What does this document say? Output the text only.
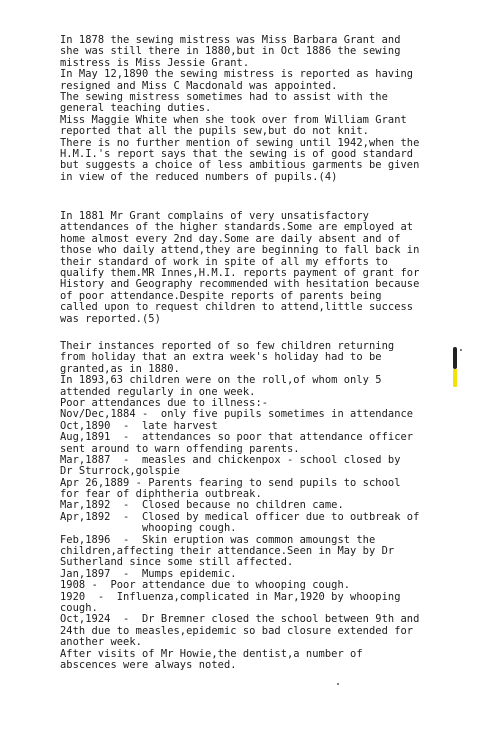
In 1878 the sewing mistress was Miss Barbara Grant and
she was still there in 1880,but in Oct 1886 the sewing
mistress is Miss Jessie Grant.
In May 12,1890 the sewing mistress is reported as having
resigned and Miss C Macdonald was appointed.
The sewing mistress sometimes had to assist with the
general teaching duties.
Miss Maggie White when she took over from William Grant
reported that all the pupils sew,but do not knit.
There is no further mention of sewing until 1942,when the
H.M.I.'s report says that the sewing is of good standard
but suggests a choice of less ambitious garments be given
in view of the reduced numbers of pupils.(4)
In 1881 Mr Grant complains of very unsatisfactory
attendances of the higher standards.Some are employed at
home almost every 2nd day.Some are daily absent and of
those who daily attend,they are beginning to fall back in
their standard of work in spite of all my efforts to
qualify them.MR Innes,H.M.I. reports payment of grant for
History and Geography recommended with hesitation because
of poor attendance.Despite reports of parents being
called upon to request children to attend,little success
was reported.(5)
Their instances reported of so few children returning
from holiday that an extra week's holiday had to be
granted,as in 1880.
In 1893,63 children were on the roll,of whom only 5
attended regularly in one week.
Poor attendances due to illness:-
Nov/Dec,1884 -  only five pupils sometimes in attendance
Oct,1890  -  late harvest
Aug,1891  -  attendances so poor that attendance officer
sent around to warn offending parents.
Mar,1887  -  measles and chickenpox - school closed by
Dr Sturrock,golspie
Apr 26,1889 - Parents fearing to send pupils to school
for fear of diphtheria outbreak.
Mar,1892  -  Closed because no children came.
Apr,1892  -  Closed by medical officer due to outbreak of
whooping cough.
Feb,1896  -  Skin eruption was common amoungst the
children,affecting their attendance.Seen in May by Dr
Sutherland since some still affected.
Jan,1897  -  Mumps epidemic.
1908 -  Poor attendance due to whooping cough.
1920  -  Influenza,complicated in Mar,1920 by whooping
cough.
Oct,1924  -  Dr Bremner closed the school between 9th and
24th due to measles,epidemic so bad closure extended for
another week.
After visits of Mr Howie,the dentist,a number of
abscences were always noted.
